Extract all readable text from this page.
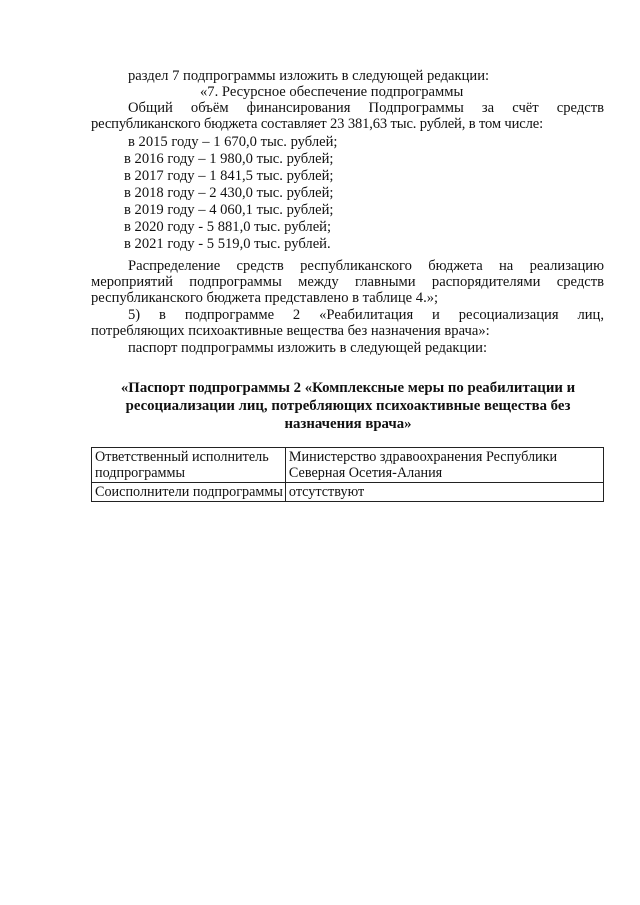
раздел 7 подпрограммы изложить в следующей редакции:
«7. Ресурсное обеспечение подпрограммы
Общий объём финансирования Подпрограммы за счёт средств
республиканского бюджета составляет 23 381,63 тыс. рублей, в том числе:
в 2015 году – 1 670,0 тыс. рублей;
в 2016 году – 1 980,0 тыс. рублей;
в 2017 году – 1 841,5 тыс. рублей;
в 2018 году – 2 430,0 тыс. рублей;
в 2019 году – 4 060,1 тыс. рублей;
в 2020 году - 5 881,0 тыс. рублей;
в 2021 году - 5 519,0 тыс. рублей.
Распределение средств республиканского бюджета на реализацию
мероприятий подпрограммы между главными распорядителями средств
республиканского бюджета представлено в таблице 4.»;
5) в подпрограмме 2 «Реабилитация и ресоциализация лиц,
потребляющих психоактивные вещества без назначения врача»:
паспорт подпрограммы изложить в следующей редакции:
«Паспорт подпрограммы 2 «Комплексные меры по реабилитации и
ресоциализации лиц, потребляющих психоактивные вещества без
назначения врача»
Ответственный исполнитель подпрограммы	Министерство здравоохранения Республики Северная Осетия-Алания
Соисполнители подпрограммы	отсутствуют
